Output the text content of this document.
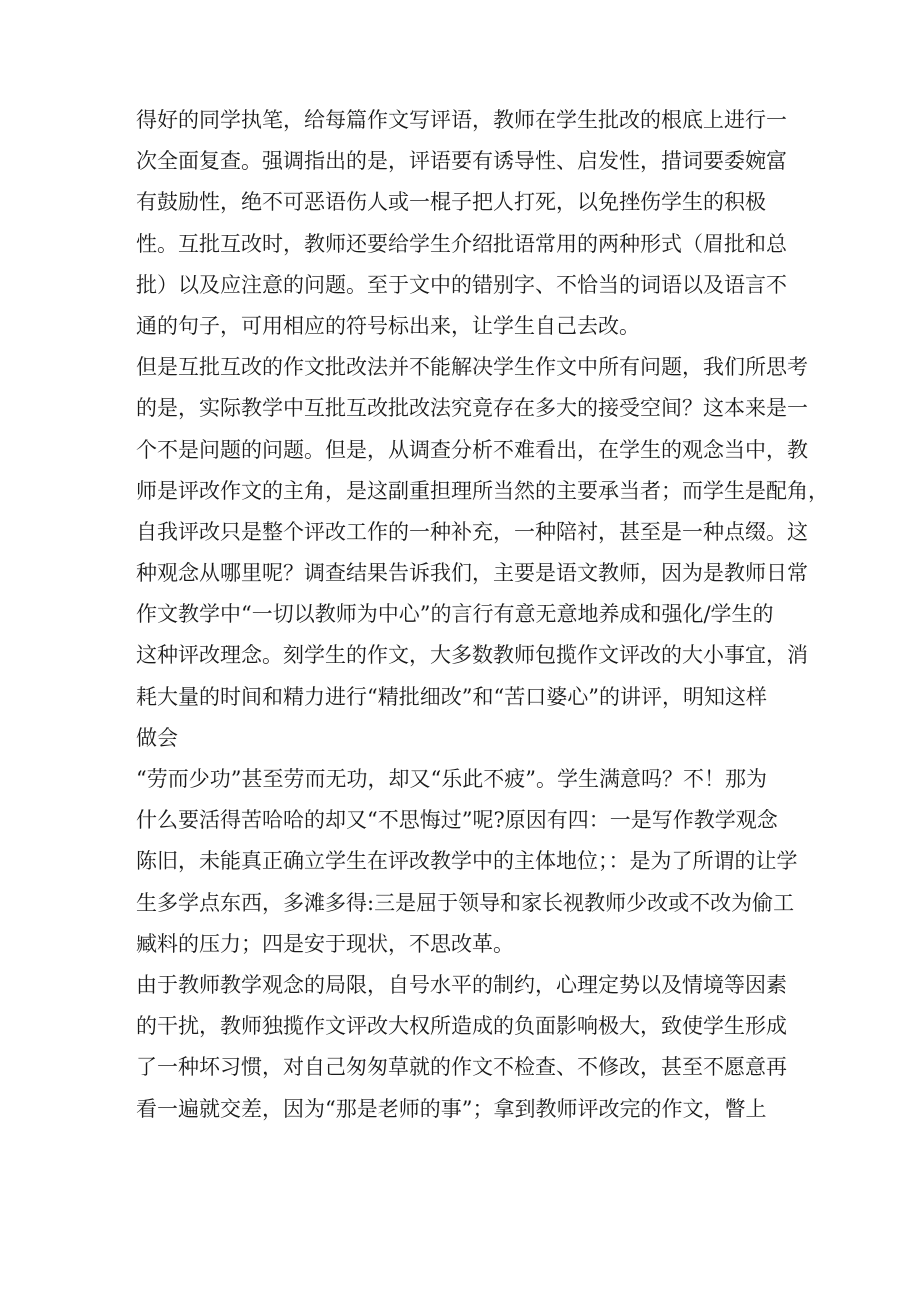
得好的同学执笔，给每篇作文写评语，教师在学生批改的根底上进行一
次全面复查。强调指出的是，评语要有诱导性、启发性，措词要委婉富
有鼓励性，绝不可恶语伤人或一棍子把人打死，以免挫伤学生的积极
性。互批互改时，教师还要给学生介绍批语常用的两种形式（眉批和总
批）以及应注意的问题。至于文中的错别字、不恰当的词语以及语言不
通的句子，可用相应的符号标出来，让学生自己去改。
但是互批互改的作文批改法并不能解决学生作文中所有问题，我们所思考
的是，实际教学中互批互改批改法究竟存在多大的接受空间？这本来是一
个不是问题的问题。但是，从调查分析不难看出，在学生的观念当中，教
师是评改作文的主角，是这副重担理所当然的主要承当者；而学生是配角，
自我评改只是整个评改工作的一种补充，一种陪衬，甚至是一种点缀。这
种观念从哪里呢？调查结果告诉我们，主要是语文教师，因为是教师日常
作文教学中“一切以教师为中心”的言行有意无意地养成和强化/学生的
这种评改理念。刻学生的作文，大多数教师包揽作文评改的大小事宜，消
耗大量的时间和精力进行“精批细改”和“苦口婆心”的讲评，明知这样
做会
“劳而少功”甚至劳而无功，却又“乐此不疲”。学生满意吗？不！那为
什么要活得苦哈哈的却又“不思悔过”呢?原因有四：一是写作教学观念
陈旧，未能真正确立学生在评改教学中的主体地位；：是为了所谓的让学
生多学点东西，多滩多得:三是屈于领导和家长视教师少改或不改为偷工
臧料的压力；四是安于现状，不思改革。
由于教师教学观念的局限，自号水平的制约，心理定势以及情境等因素
的干扰，教师独揽作文评改大权所造成的负面影响极大，致使学生形成
了一种坏习惯，对自己匆匆草就的作文不检查、不修改，甚至不愿意再
看一遍就交差，因为“那是老师的事”；拿到教师评改完的作文，瞥上
